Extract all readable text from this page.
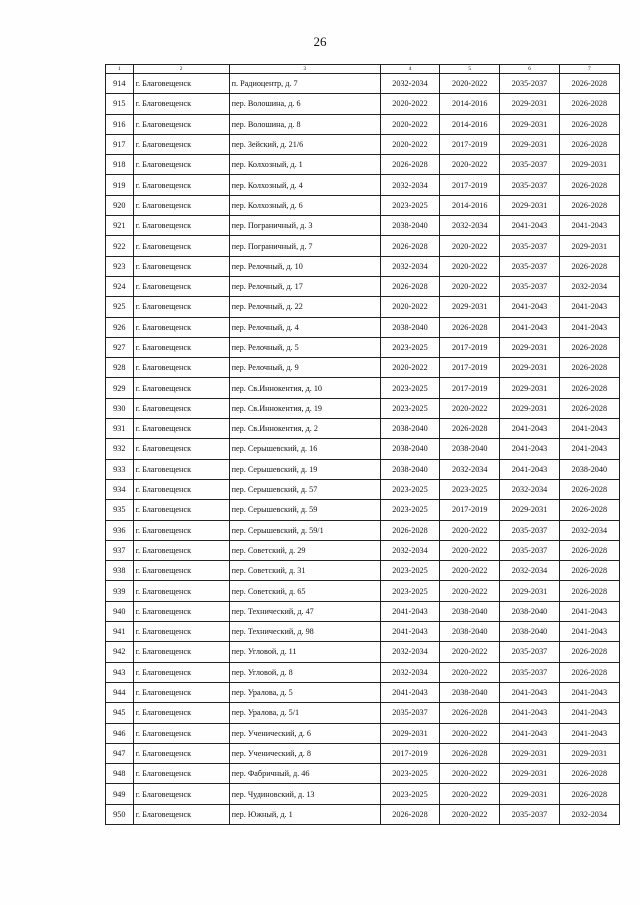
26
1	2	3	4	5	6	7
914	г. Благовещенск	п. Радиоцентр, д. 7	2032-2034	2020-2022	2035-2037	2026-2028
915	г. Благовещенск	пер. Волошина, д. 6	2020-2022	2014-2016	2029-2031	2026-2028
916	г. Благовещенск	пер. Волошина, д. 8	2020-2022	2014-2016	2029-2031	2026-2028
917	г. Благовещенск	пер. Зейский, д. 21/6	2020-2022	2017-2019	2029-2031	2026-2028
918	г. Благовещенск	пер. Колхозный, д. 1	2026-2028	2020-2022	2035-2037	2029-2031
919	г. Благовещенск	пер. Колхозный, д. 4	2032-2034	2017-2019	2035-2037	2026-2028
920	г. Благовещенск	пер. Колхозный, д. 6	2023-2025	2014-2016	2029-2031	2026-2028
921	г. Благовещенск	пер. Пограничный, д. 3	2038-2040	2032-2034	2041-2043	2041-2043
922	г. Благовещенск	пер. Пограничный, д. 7	2026-2028	2020-2022	2035-2037	2029-2031
923	г. Благовещенск	пер. Релочный, д. 10	2032-2034	2020-2022	2035-2037	2026-2028
924	г. Благовещенск	пер. Релочный, д. 17	2026-2028	2020-2022	2035-2037	2032-2034
925	г. Благовещенск	пер. Релочный, д. 22	2020-2022	2029-2031	2041-2043	2041-2043
926	г. Благовещенск	пер. Релочный, д. 4	2038-2040	2026-2028	2041-2043	2041-2043
927	г. Благовещенск	пер. Релочный, д. 5	2023-2025	2017-2019	2029-2031	2026-2028
928	г. Благовещенск	пер. Релочный, д. 9	2020-2022	2017-2019	2029-2031	2026-2028
929	г. Благовещенск	пер. Св.Иннокентия, д. 10	2023-2025	2017-2019	2029-2031	2026-2028
930	г. Благовещенск	пер. Св.Иннокентия, д. 19	2023-2025	2020-2022	2029-2031	2026-2028
931	г. Благовещенск	пер. Св.Иннокентия, д. 2	2038-2040	2026-2028	2041-2043	2041-2043
932	г. Благовещенск	пер. Серышевский, д. 16	2038-2040	2038-2040	2041-2043	2041-2043
933	г. Благовещенск	пер. Серышевский, д. 19	2038-2040	2032-2034	2041-2043	2038-2040
934	г. Благовещенск	пер. Серышевский, д. 57	2023-2025	2023-2025	2032-2034	2026-2028
935	г. Благовещенск	пер. Серышевский, д. 59	2023-2025	2017-2019	2029-2031	2026-2028
936	г. Благовещенск	пер. Серышевский, д. 59/1	2026-2028	2020-2022	2035-2037	2032-2034
937	г. Благовещенск	пер. Советский, д. 29	2032-2034	2020-2022	2035-2037	2026-2028
938	г. Благовещенск	пер. Советский, д. 31	2023-2025	2020-2022	2032-2034	2026-2028
939	г. Благовещенск	пер. Советский, д. 65	2023-2025	2020-2022	2029-2031	2026-2028
940	г. Благовещенск	пер. Технический, д. 47	2041-2043	2038-2040	2038-2040	2041-2043
941	г. Благовещенск	пер. Технический, д. 98	2041-2043	2038-2040	2038-2040	2041-2043
942	г. Благовещенск	пер. Угловой, д. 11	2032-2034	2020-2022	2035-2037	2026-2028
943	г. Благовещенск	пер. Угловой, д. 8	2032-2034	2020-2022	2035-2037	2026-2028
944	г. Благовещенск	пер. Уралова, д. 5	2041-2043	2038-2040	2041-2043	2041-2043
945	г. Благовещенск	пер. Уралова, д. 5/1	2035-2037	2026-2028	2041-2043	2041-2043
946	г. Благовещенск	пер. Ученический, д. 6	2029-2031	2020-2022	2041-2043	2041-2043
947	г. Благовещенск	пер. Ученический, д. 8	2017-2019	2026-2028	2029-2031	2029-2031
948	г. Благовещенск	пер. Фабричный, д. 46	2023-2025	2020-2022	2029-2031	2026-2028
949	г. Благовещенск	пер. Чудиновский, д. 13	2023-2025	2020-2022	2029-2031	2026-2028
950	г. Благовещенск	пер. Южный, д. 1	2026-2028	2020-2022	2035-2037	2032-2034
